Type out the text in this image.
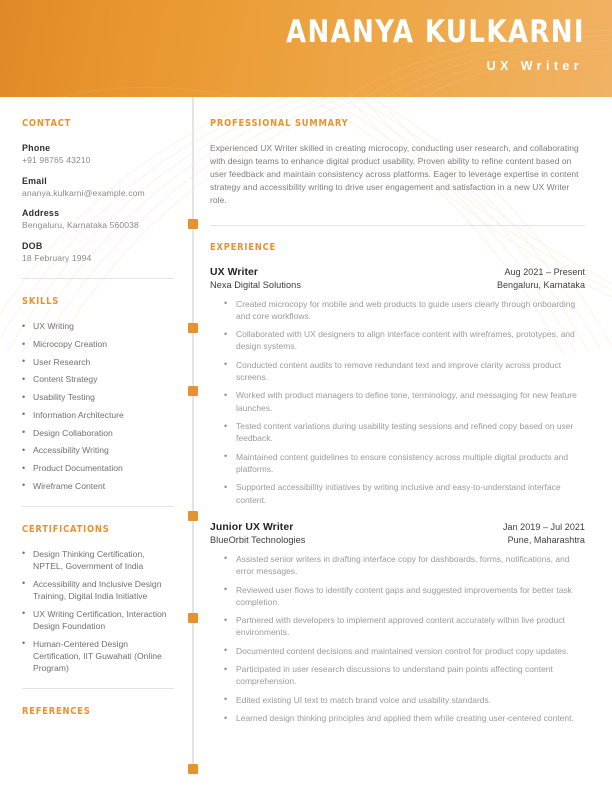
ANANYA KULKARNI
UX Writer
CONTACT
Phone
+91 98765 43210
Email
ananya.kulkarni@example.com
Address
Bengaluru, Karnataka 560038
DOB
18 February 1994
SKILLS
• UX Writing
• Microcopy Creation
• User Research
• Content Strategy
• Usability Testing
• Information Architecture
• Design Collaboration
• Accessibility Writing
• Product Documentation
• Wireframe Content
CERTIFICATIONS
• Design Thinking Certification, NPTEL, Government of India
• Accessibility and Inclusive Design Training, Digital India Initiative
• UX Writing Certification, Interaction Design Foundation
• Human-Centered Design Certification, IIT Guwahati (Online Program)
REFERENCES
PROFESSIONAL SUMMARY

Experienced UX Writer skilled in creating microcopy, conducting user research, and collaborating with design teams to enhance digital product usability. Proven ability to refine content based on user feedback and maintain consistency across platforms. Eager to leverage expertise in content strategy and accessibility writing to drive user engagement and satisfaction in a new UX Writer role.

EXPERIENCE
UX Writer	Aug 2021 – Present
Nexa Digital Solutions	Bengaluru, Karnataka
• Created microcopy for mobile and web products to guide users clearly through onboarding and core workflows.
• Collaborated with UX designers to align interface content with wireframes, prototypes, and design systems.
• Conducted content audits to remove redundant text and improve clarity across product screens.
• Worked with product managers to define tone, terminology, and messaging for new feature launches.
• Tested content variations during usability testing sessions and refined copy based on user feedback.
• Maintained content guidelines to ensure consistency across multiple digital products and platforms.
• Supported accessibility initiatives by writing inclusive and easy-to-understand interface content.
Junior UX Writer	Jan 2019 – Jul 2021
BlueOrbit Technologies	Pune, Maharashtra
• Assisted senior writers in drafting interface copy for dashboards, forms, notifications, and error messages.
• Reviewed user flows to identify content gaps and suggested improvements for better task completion.
• Partnered with developers to implement approved content accurately within live product environments.
• Documented content decisions and maintained version control for product copy updates.
• Participated in user research discussions to understand pain points affecting content comprehension.
• Edited existing UI text to match brand voice and usability standards.
• Learned design thinking principles and applied them while creating user-centered content.
